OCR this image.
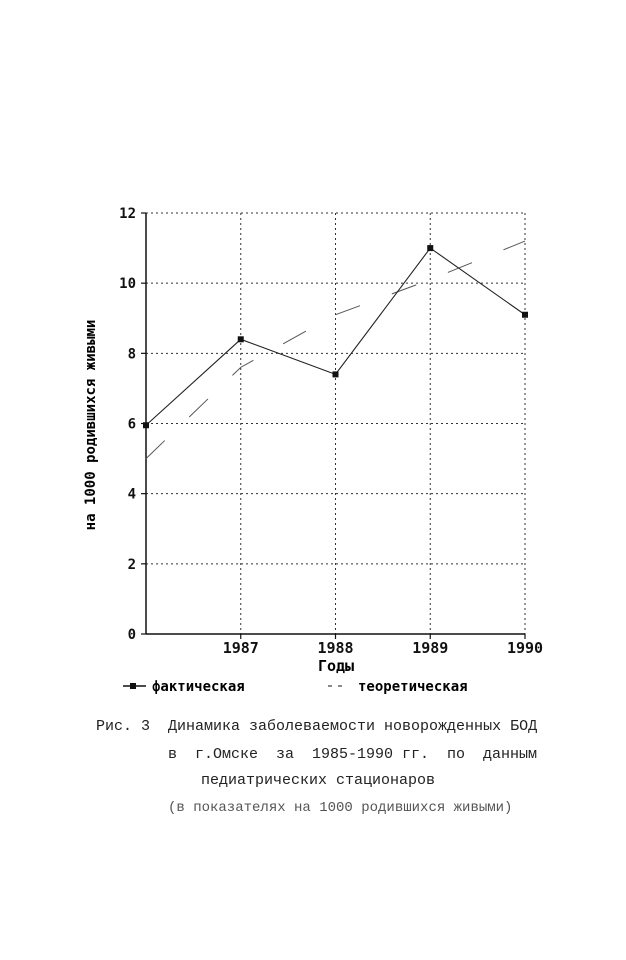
0
2
4
6
8
10
12
1987	1988	1989	1990
Годы
на 1000 родившихся живыми
фактическая	теоретическая
Рис. 3  Динамика заболеваемости новорожденных БОД
в  г.Омске  за  1985-1990 гг.  по  данным
педиатрических стационаров
(в показателях на 1000 родившихся живыми)
